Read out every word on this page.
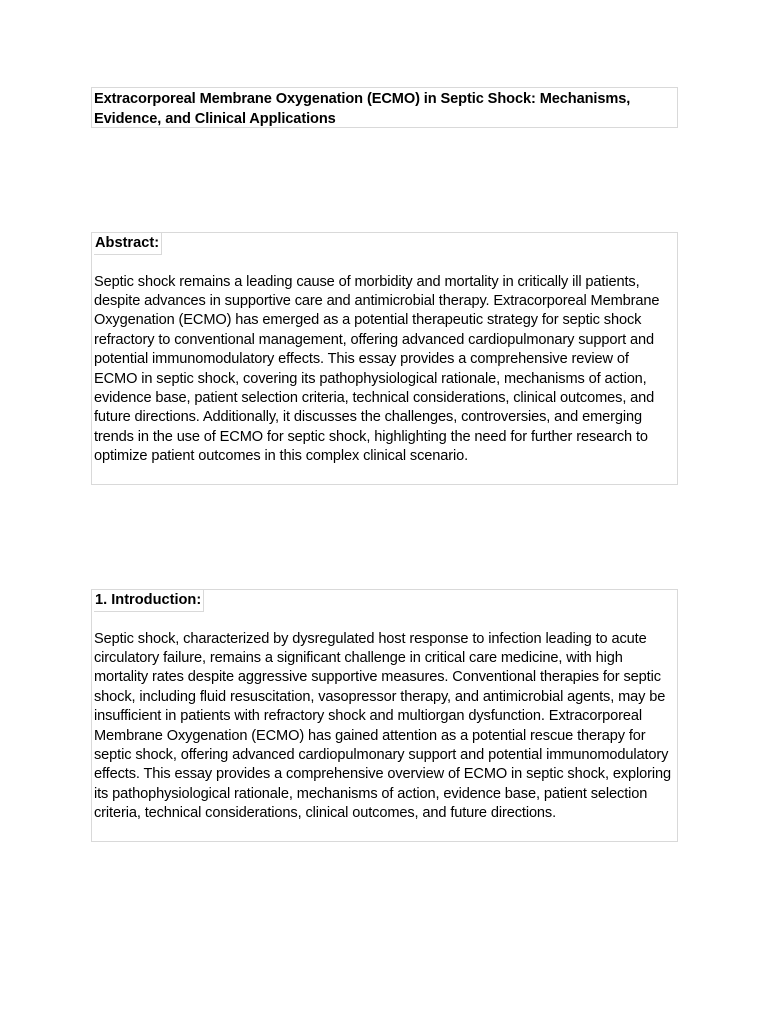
Extracorporeal Membrane Oxygenation (ECMO) in Septic Shock: Mechanisms, Evidence, and Clinical Applications

Abstract:

Septic shock remains a leading cause of morbidity and mortality in critically ill patients, despite advances in supportive care and antimicrobial therapy. Extracorporeal Membrane Oxygenation (ECMO) has emerged as a potential therapeutic strategy for septic shock refractory to conventional management, offering advanced cardiopulmonary support and potential immunomodulatory effects. This essay provides a comprehensive review of ECMO in septic shock, covering its pathophysiological rationale, mechanisms of action, evidence base, patient selection criteria, technical considerations, clinical outcomes, and future directions. Additionally, it discusses the challenges, controversies, and emerging trends in the use of ECMO for septic shock, highlighting the need for further research to optimize patient outcomes in this complex clinical scenario.

1. Introduction:

Septic shock, characterized by dysregulated host response to infection leading to acute circulatory failure, remains a significant challenge in critical care medicine, with high mortality rates despite aggressive supportive measures. Conventional therapies for septic shock, including fluid resuscitation, vasopressor therapy, and antimicrobial agents, may be insufficient in patients with refractory shock and multiorgan dysfunction. Extracorporeal Membrane Oxygenation (ECMO) has gained attention as a potential rescue therapy for septic shock, offering advanced cardiopulmonary support and potential immunomodulatory effects. This essay provides a comprehensive overview of ECMO in septic shock, exploring its pathophysiological rationale, mechanisms of action, evidence base, patient selection criteria, technical considerations, clinical outcomes, and future directions.
